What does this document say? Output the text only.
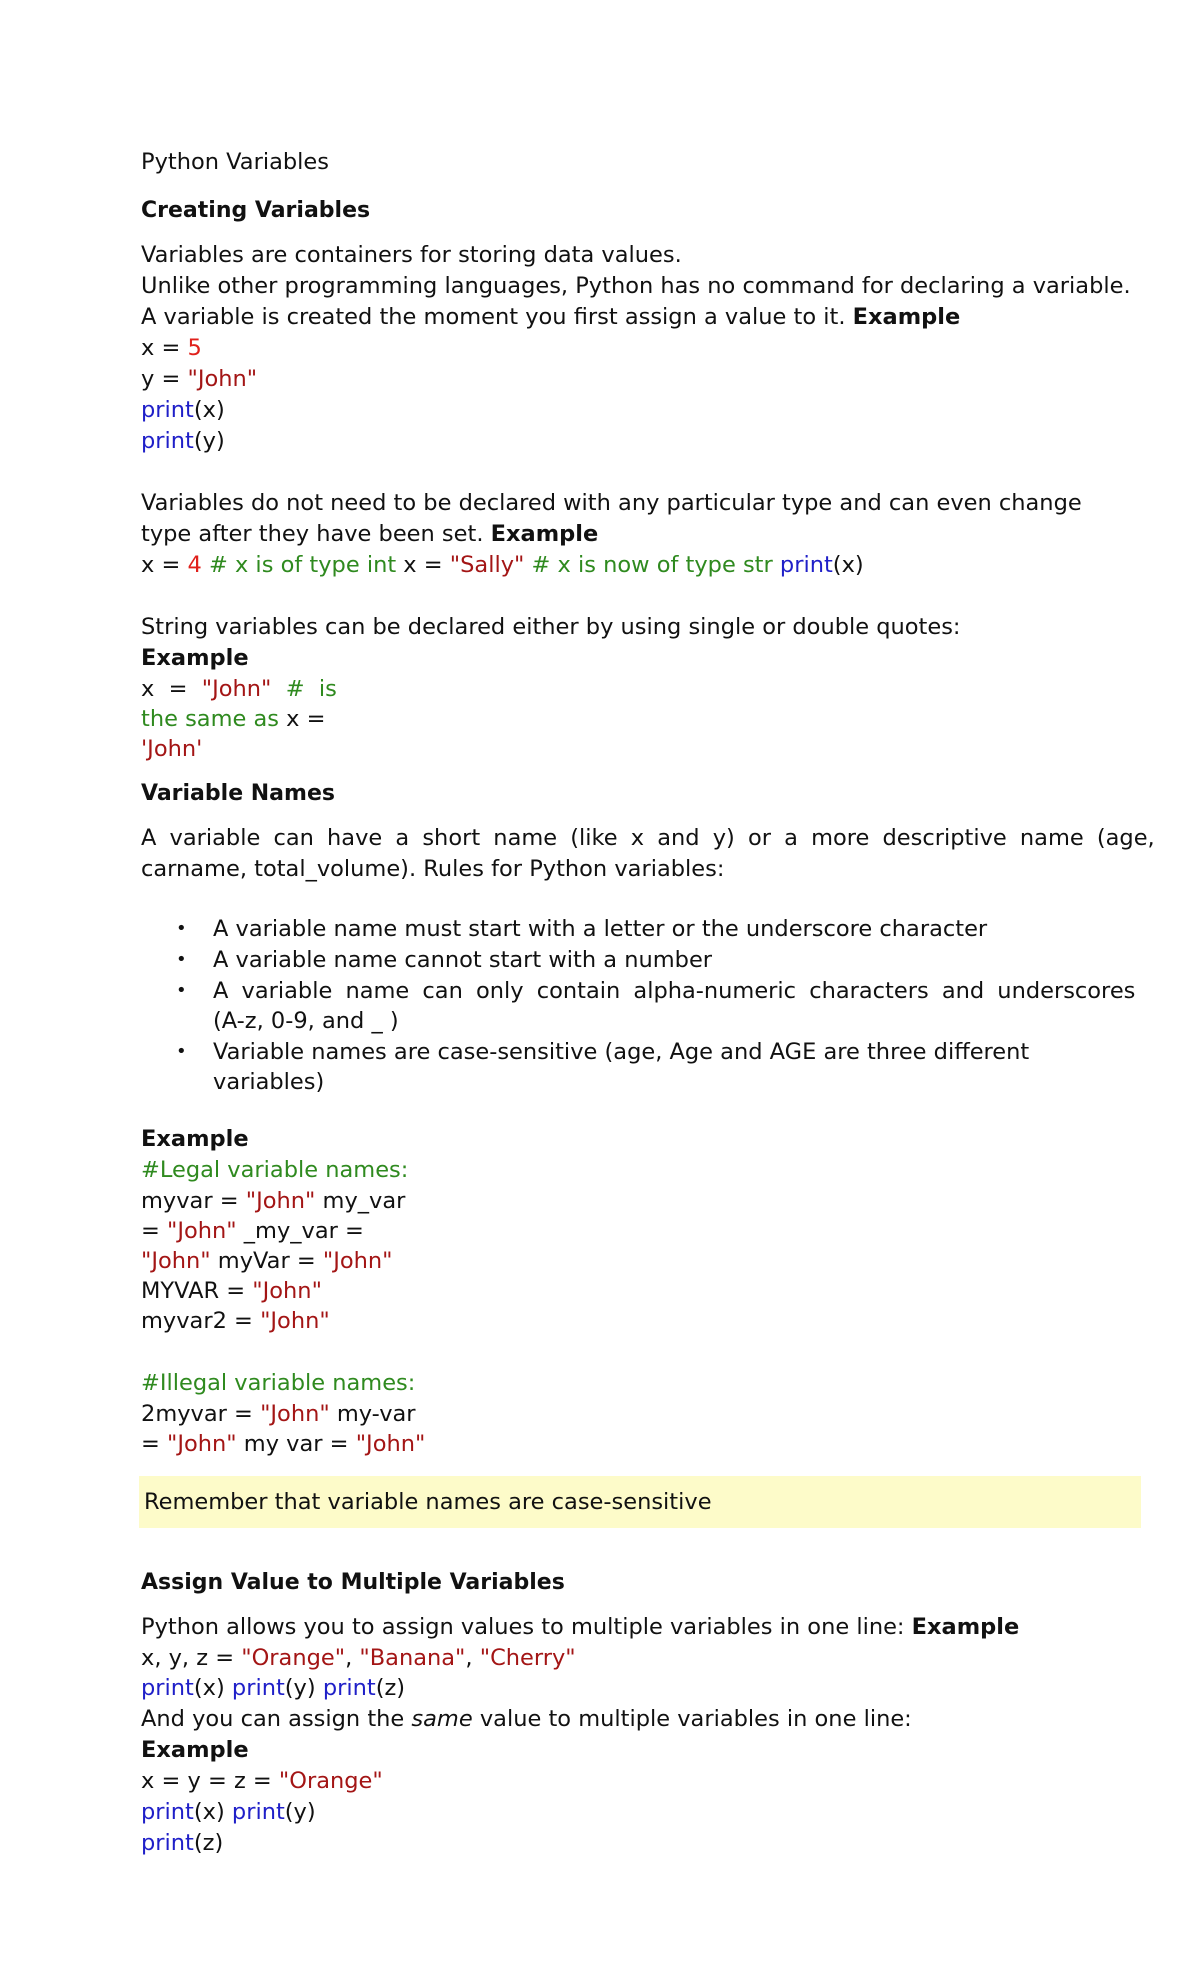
Python Variables
Creating Variables
Variables are containers for storing data values.
Unlike other programming languages, Python has no command for declaring a variable.
A variable is created the moment you first assign a value to it. Example
x = 5
y = "John"
print(x)
print(y)
Variables do not need to be declared with any particular type and can even change
type after they have been set. Example
x = 4 # x is of type int x = "Sally" # x is now of type str print(x)
String variables can be declared either by using single or double quotes:
Example
x  =  "John"  #  is
the same as x =
'John'
Variable Names
A variable can have a short name (like x and y) or a more descriptive name (age,
carname, total_volume). Rules for Python variables:
• A variable name must start with a letter or the underscore character
• A variable name cannot start with a number
• A variable name can only contain alpha-numeric characters and underscores
(A-z, 0-9, and _ )
• Variable names are case-sensitive (age, Age and AGE are three different
variables)
Example
#Legal variable names:
myvar = "John" my_var
= "John" _my_var =
"John" myVar = "John"
MYVAR = "John"
myvar2 = "John"
#Illegal variable names:
2myvar = "John" my-var
= "John" my var = "John"
Remember that variable names are case-sensitive
Assign Value to Multiple Variables
Python allows you to assign values to multiple variables in one line: Example
x, y, z = "Orange", "Banana", "Cherry"
print(x) print(y) print(z)
And you can assign the same value to multiple variables in one line:
Example
x = y = z = "Orange"
print(x) print(y)
print(z)
